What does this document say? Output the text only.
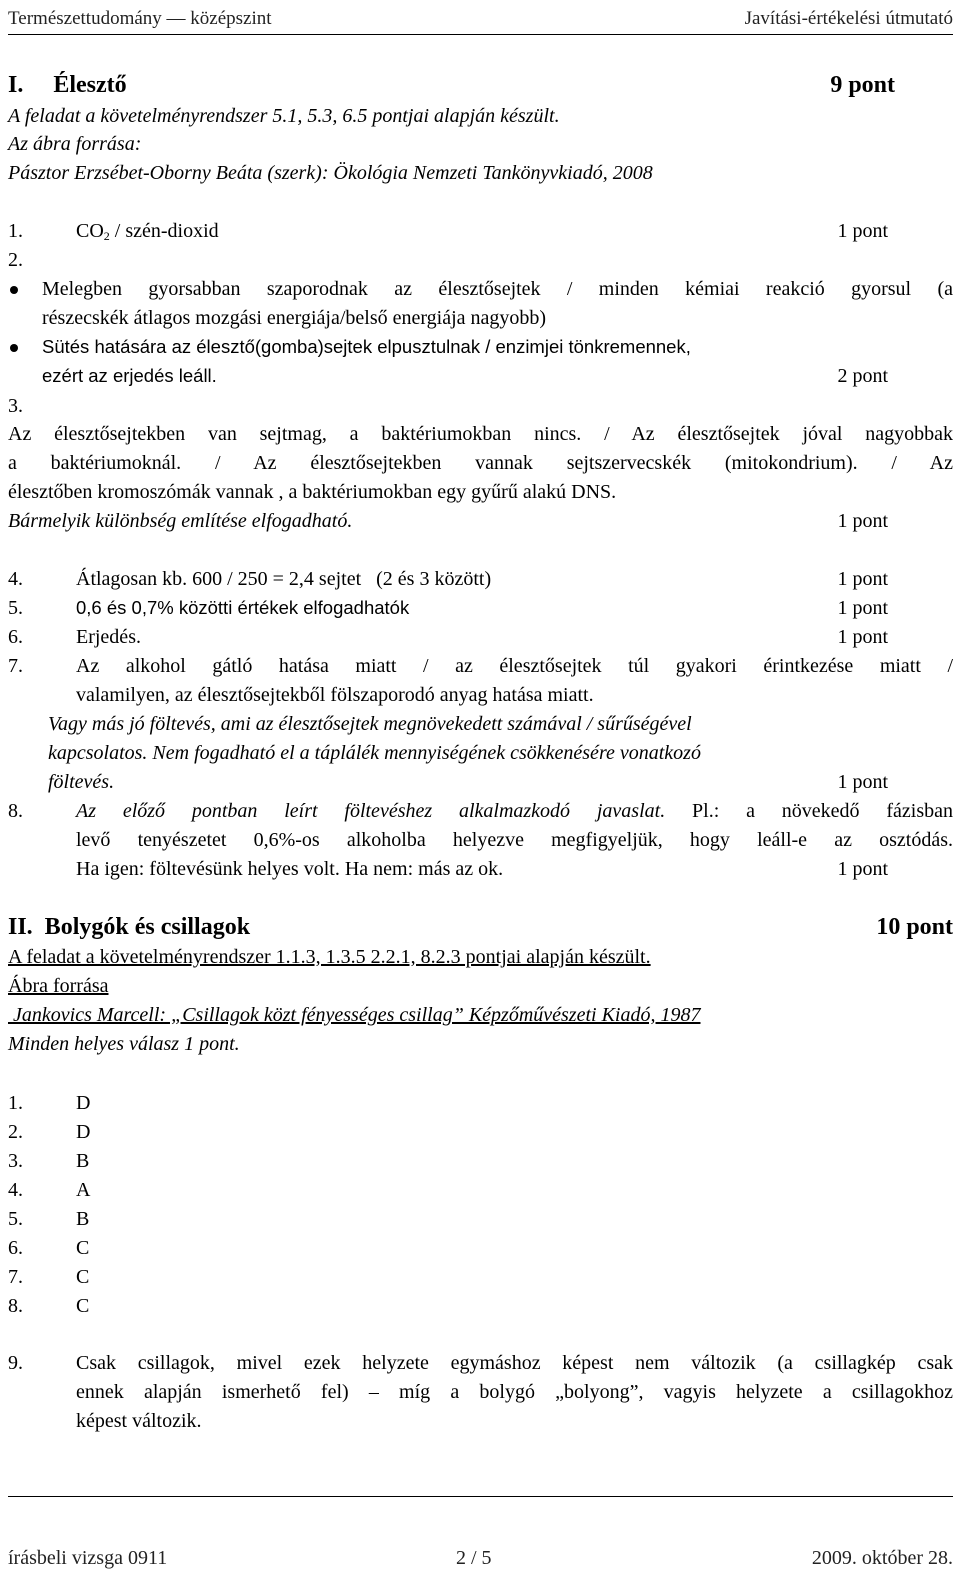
Természettudomány — középszint	Javítási-értékelési útmutató
I.     Élesztő	9 pont
A feladat a követelményrendszer 5.1, 5.3, 6.5 pontjai alapján készült.
Az ábra forrása:
Pásztor Erzsébet-Oborny Beáta (szerk): Ökológia Nemzeti Tankönyvkiadó, 2008
1.	$CO_2$ / szén-dioxid	1 pont
2.
Melegben gyorsabban szaporodnak az élesztősejtek / minden kémiai reakció gyorsul (a
részecskék átlagos mozgási energiája/belső energiája nagyobb)
Sütés hatására az élesztő(gomba)sejtek elpusztulnak / enzimjei tönkremennek,
ezért az erjedés leáll.	2 pont
3.
Az élesztősejtekben van sejtmag, a baktériumokban nincs. / Az élesztősejtek jóval nagyobbak
a baktériumoknál. / Az élesztősejtekben vannak sejtszervecskék (mitokondrium). / Az
élesztőben kromoszómák vannak , a baktériumokban egy gyűrű alakú DNS.
Bármelyik különbség említése elfogadható.	1 pont
4.	Átlagosan kb. 600 / 250 = 2,4 sejtet   (2 és 3 között)	1 pont
5.	0,6 és 0,7% közötti értékek elfogadhatók	1 pont
6.	Erjedés.	1 pont
7.	Az alkohol gátló hatása miatt / az élesztősejtek túl gyakori érintkezése miatt /
valamilyen, az élesztősejtekből fölszaporodó anyag hatása miatt.
Vagy más jó föltevés, ami az élesztősejtek megnövekedett számával / sűrűségével
kapcsolatos. Nem fogadható el a táplálék mennyiségének csökkenésére vonatkozó
föltevés.	1 pont
8.	Az előző pontban leírt föltevéshez alkalmazkodó javaslat. Pl.: a növekedő fázisban
levő tenyészetet 0,6%-os alkoholba helyezve megfigyeljük, hogy leáll-e az osztódás.
Ha igen: föltevésünk helyes volt. Ha nem: más az ok.	1 pont
II.  Bolygók és csillagok	10 pont
A feladat a követelményrendszer 1.1.3, 1.3.5 2.2.1, 8.2.3 pontjai alapján készült.
Ábra forrása
Jankovics Marcell: „Csillagok közt fényességes csillag” Képzőművészeti Kiadó, 1987
Minden helyes válasz 1 pont.
1.	D
2.	D
3.	B
4.	A
5.	B
6.	C
7.	C
8.	C
9.	Csak csillagok, mivel ezek helyzete egymáshoz képest nem változik (a csillagkép csak
ennek alapján ismerhető fel) – míg a bolygó „bolyong”, vagyis helyzete a csillagokhoz
képest változik.
írásbeli vizsga 0911	2 / 5	2009. október 28.
